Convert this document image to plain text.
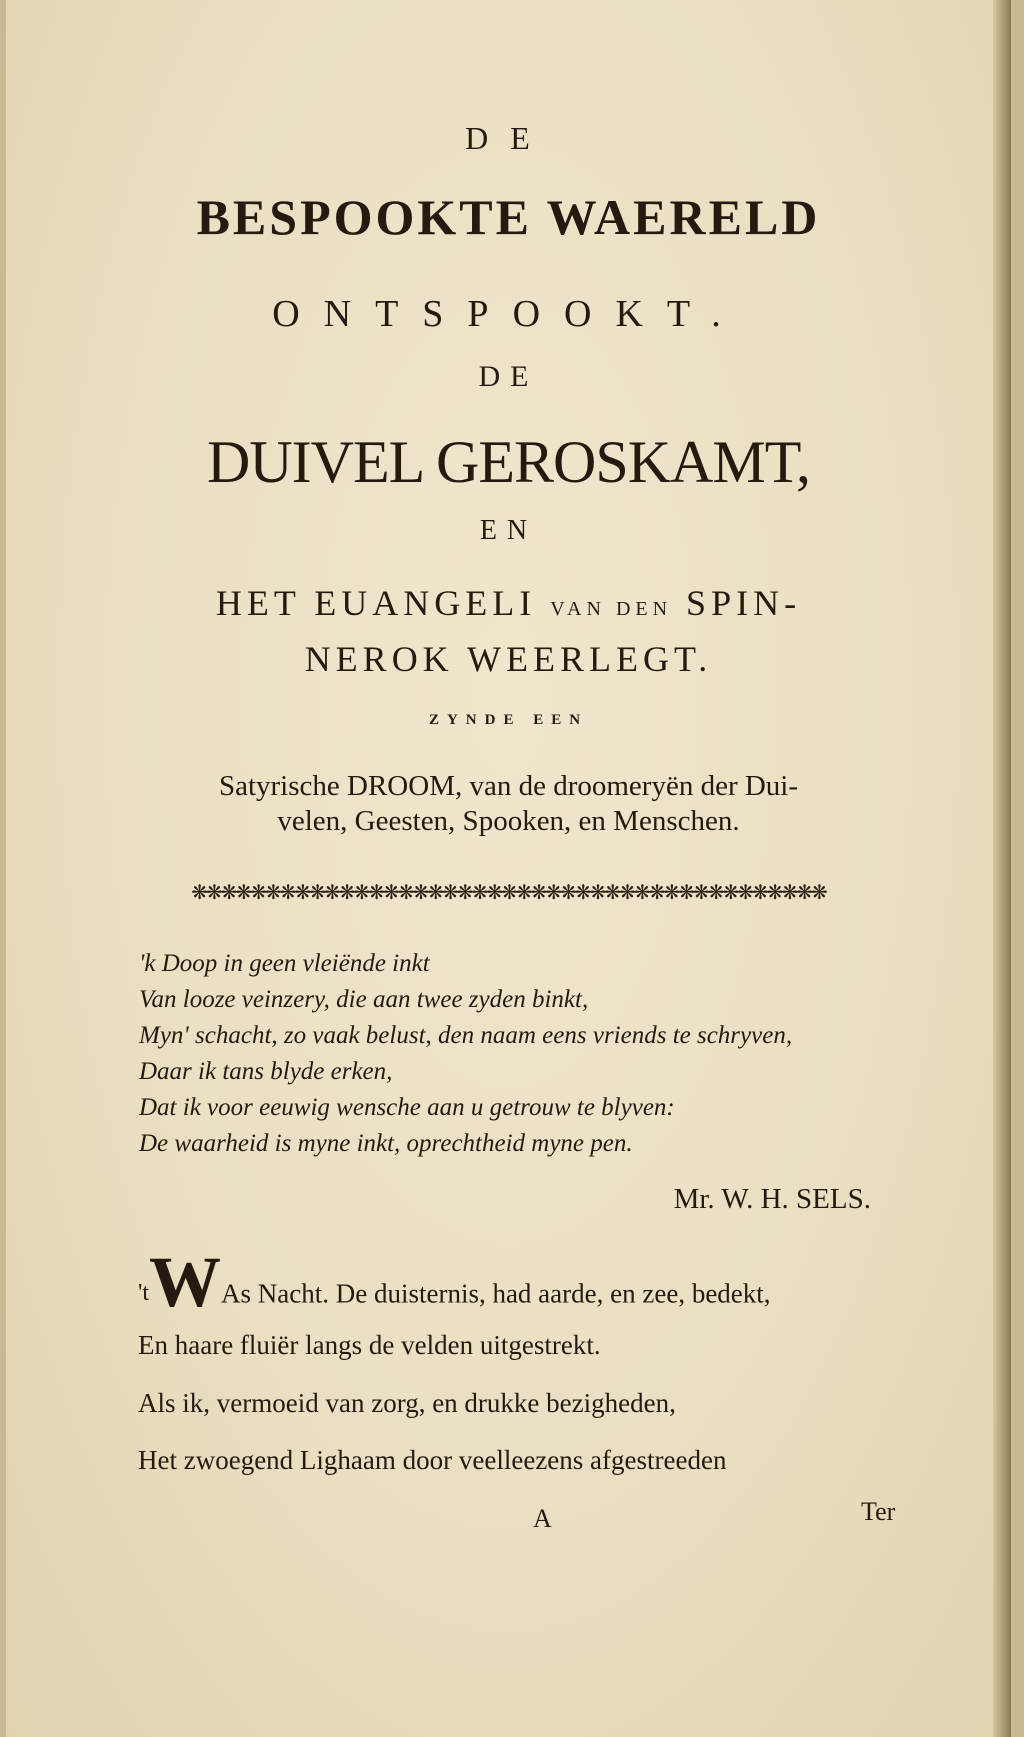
DE
BESPOOKTE WAERELD
ONTSPOOKT.
DE
DUIVEL GEROSKAMT,
EN
HET EUANGELI VAN DEN SPIN-
NEROK WEERLEGT.
ZYNDE EEN
Satyrische DROOM, van de droomeryën der Dui-
velen, Geesten, Spooken, en Menschen.
❋❋❋❋❋❋❋❋❋❋❋❋❋❋❋❋❋❋❋❋❋❋❋❋❋❋❋❋❋❋❋❋❋❋❋❋❋❋❋❋❋❋❋
'k Doop in geen vleiënde inkt
Van looze veinzery, die aan twee zyden binkt,
Myn' schacht, zo vaak belust, den naam eens vriends te schryven,
Daar ik tans blyde erken,
Dat ik voor eeuwig wensche aan u getrouw te blyven:
De waarheid is myne inkt, oprechtheid myne pen.
Mr. W. H. SELS.
'tWAs Nacht. De duisternis, had aarde, en zee, bedekt,
En haare fluiër langs de velden uitgestrekt.
Als ik, vermoeid van zorg, en drukke bezigheden,
Het zwoegend Lighaam door veelleezens afgestreeden
A	Ter
